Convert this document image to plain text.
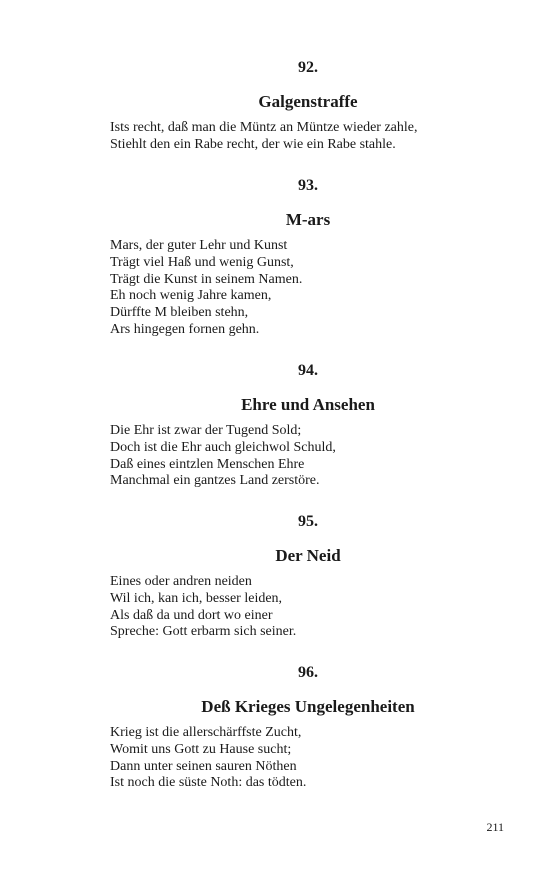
92.

Galgenstraffe

Ists recht, daß man die Müntz an Müntze wieder zahle,
Stiehlt den ein Rabe recht, der wie ein Rabe stahle.

93.

M-ars

Mars, der guter Lehr und Kunst
Trägt viel Haß und wenig Gunst,
Trägt die Kunst in seinem Namen.
Eh noch wenig Jahre kamen,
Dürffte M bleiben stehn,
Ars hingegen fornen gehn.

94.

Ehre und Ansehen

Die Ehr ist zwar der Tugend Sold;
Doch ist die Ehr auch gleichwol Schuld,
Daß eines eintzlen Menschen Ehre
Manchmal ein gantzes Land zerstöre.

95.

Der Neid

Eines oder andren neiden
Wil ich, kan ich, besser leiden,
Als daß da und dort wo einer
Spreche: Gott erbarm sich seiner.

96.

Deß Krieges Ungelegenheiten

Krieg ist die allerschärffste Zucht,
Womit uns Gott zu Hause sucht;
Dann unter seinen sauren Nöthen
Ist noch die süste Noth: das tödten.
211
